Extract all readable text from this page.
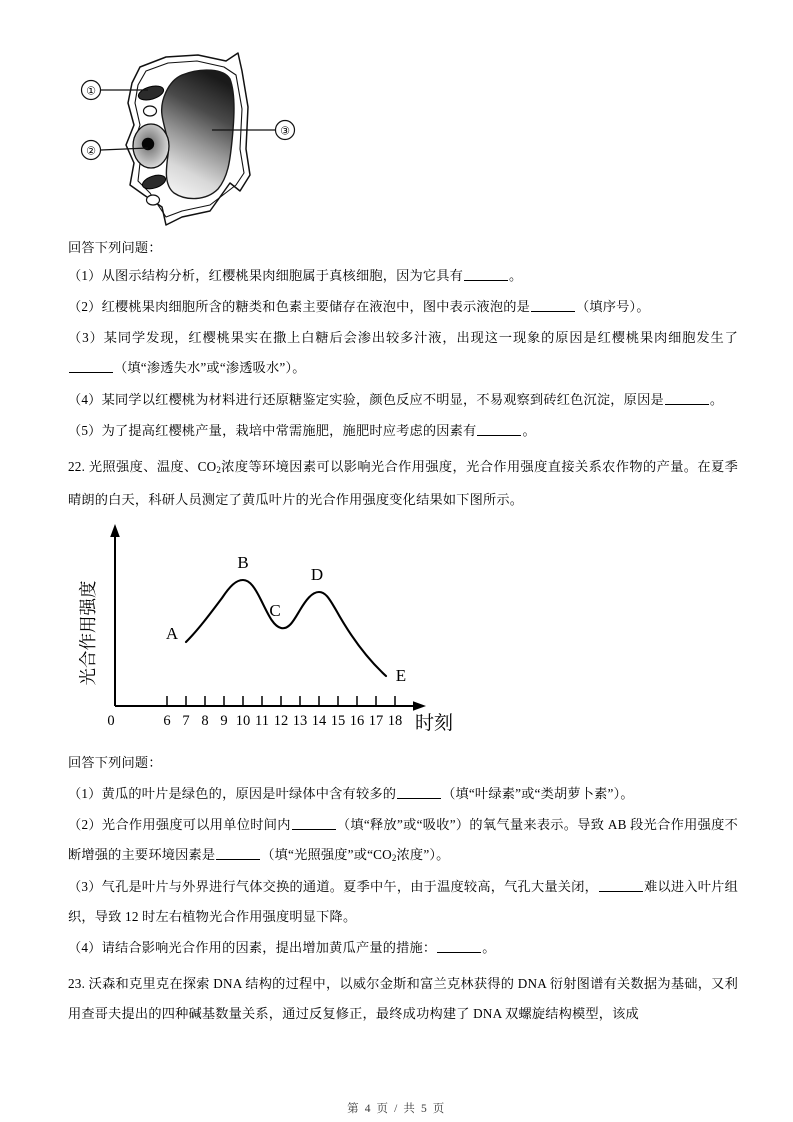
①
②
③
回答下列问题：
（1）从图示结构分析，红樱桃果肉细胞属于真核细胞，因为它具有	。
（2）红樱桃果肉细胞所含的糖类和色素主要储存在液泡中，图中表示液泡的是	（填序号）。
（3）某同学发现，红樱桃果实在撒上白糖后会渗出较多汁液，出现这一现象的原因是红樱桃果肉细胞发生了（填“渗透失水”或“渗透吸水”）。
（4）某同学以红樱桃为材料进行还原糖鉴定实验，颜色反应不明显，不易观察到砖红色沉淀，原因是	。
（5）为了提高红樱桃产量，栽培中常需施肥，施肥时应考虑的因素有	。
22. 光照强度、温度、$CO_2$浓度等环境因素可以影响光合作用强度，光合作用强度直接关系农作物的产量。在夏季晴朗的白天，科研人员测定了黄瓜叶片的光合作用强度变化结果如下图所示。
0	6 7 8 9 10 11 12 13 14 15 16 17 18 时刻
光合作用强度	A
B
C
D
E
回答下列问题：
（1）黄瓜的叶片是绿色的，原因是叶绿体中含有较多的	（填“叶绿素”或“类胡萝卜素”）。
（2）光合作用强度可以用单位时间内	（填“释放”或“吸收”）的氧气量来表示。导致 AB 段光合作用强度不断增强的主要环境因素是	（填“光照强度”或“$CO_2$浓度”）。
（3）气孔是叶片与外界进行气体交换的通道。夏季中午，由于温度较高，气孔大量关闭，	难以进入叶片组织，导致 12 时左右植物光合作用强度明显下降。
（4）请结合影响光合作用的因素，提出增加黄瓜产量的措施：	。
23. 沃森和克里克在探索 DNA 结构的过程中，以威尔金斯和富兰克林获得的 DNA 衍射图谱有关数据为基础，又利用查哥夫提出的四种碱基数量关系，通过反复修正，最终成功构建了 DNA 双螺旋结构模型，该成
第 4 页 / 共 5 页
